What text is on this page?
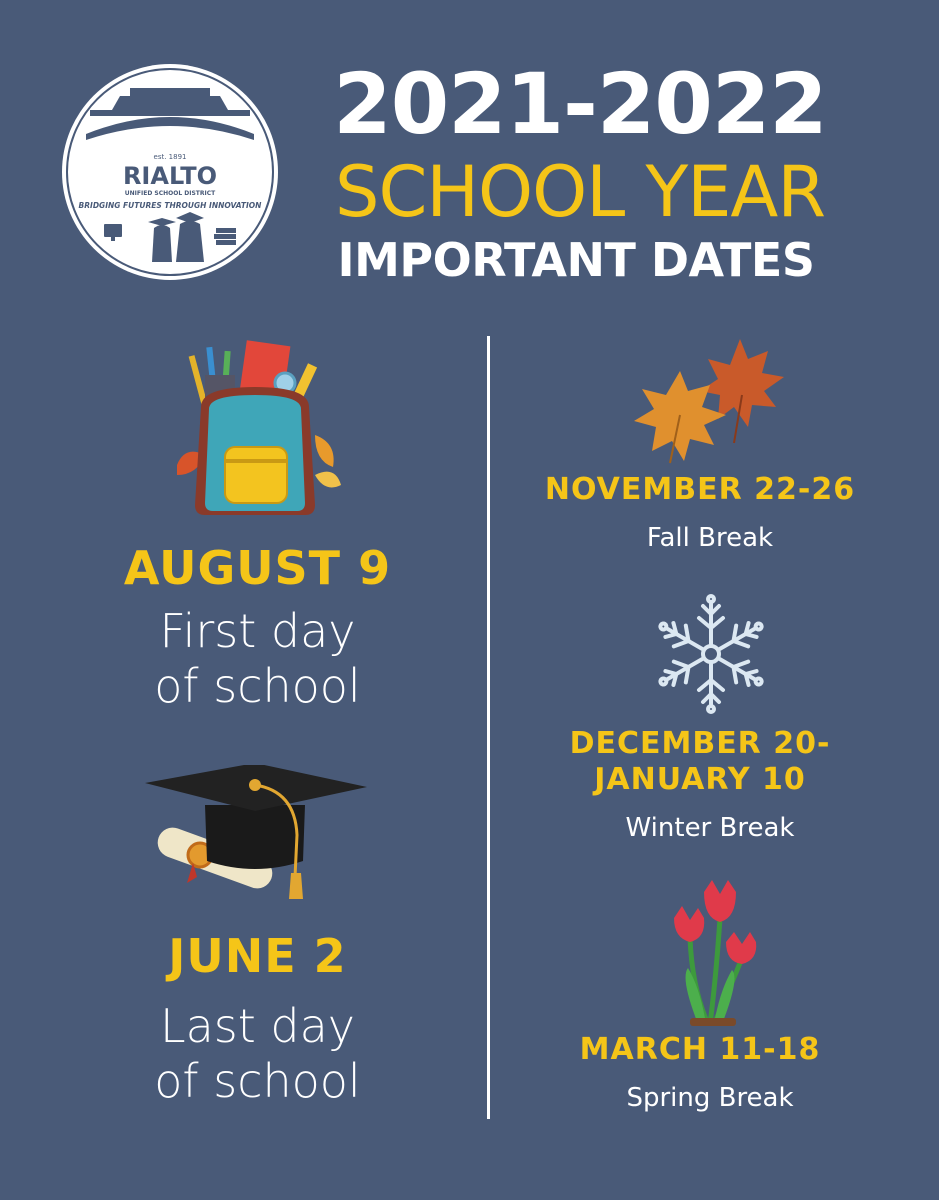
est. 1891
RIALTO
UNIFIED SCHOOL DISTRICT
BRIDGING FUTURES THROUGH INNOVATION
2021-2022
SCHOOL YEAR
IMPORTANT DATES
AUGUST 9
First day
of school
JUNE 2
Last day
of school
NOVEMBER 22-26
Fall Break
DECEMBER 20-
JANUARY 10
Winter Break
MARCH 11-18
Spring Break
